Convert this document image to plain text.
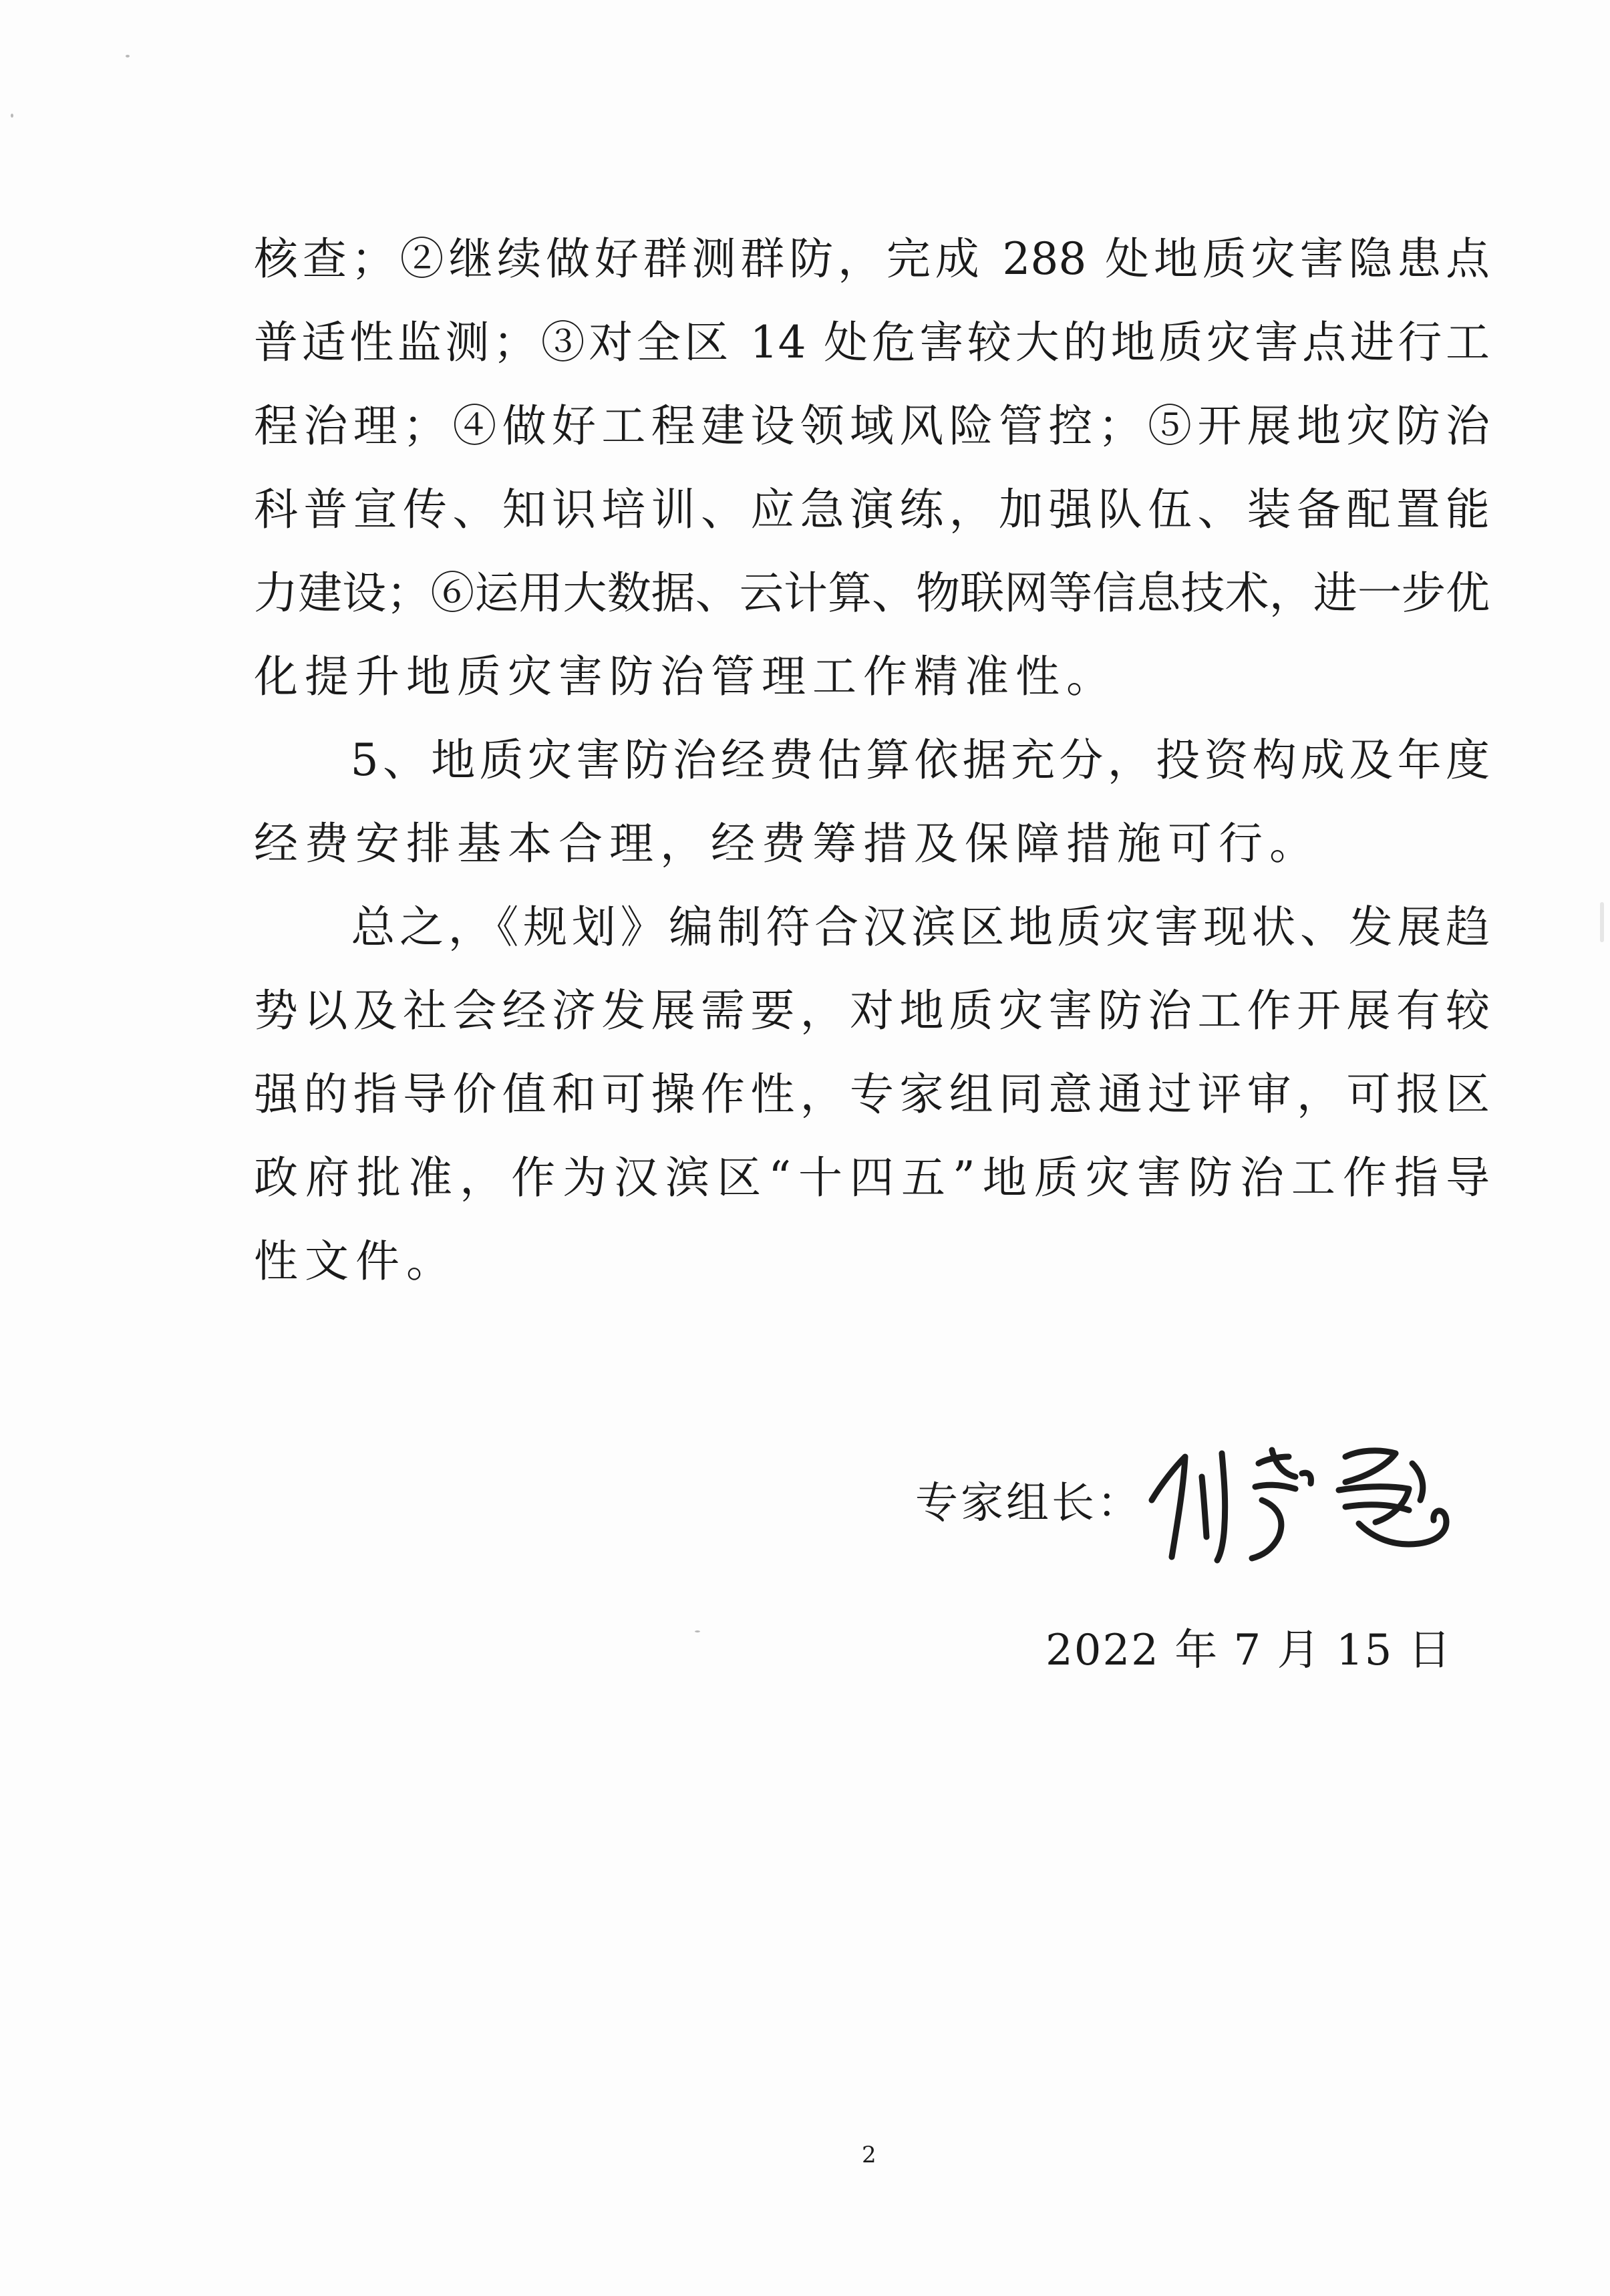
核查；②继续做好群测群防，完成 288 处地质灾害隐患点
普适性监测；③对全区 14 处危害较大的地质灾害点进行工
程治理；④做好工程建设领域风险管控；⑤开展地灾防治
科普宣传、知识培训、应急演练，加强队伍、装备配置能
力建设；⑥运用大数据、云计算、物联网等信息技术，进一步优
化提升地质灾害防治管理工作精准性。
　　5、地质灾害防治经费估算依据充分，投资构成及年度
经费安排基本合理，经费筹措及保障措施可行。
　　总之，《规划》编制符合汉滨区地质灾害现状、发展趋
势以及社会经济发展需要，对地质灾害防治工作开展有较
强的指导价值和可操作性，专家组同意通过评审，可报区
政府批准，作为汉滨区“十四五”地质灾害防治工作指导
性文件。
专家组长：
2022 年 7 月 15 日
2
